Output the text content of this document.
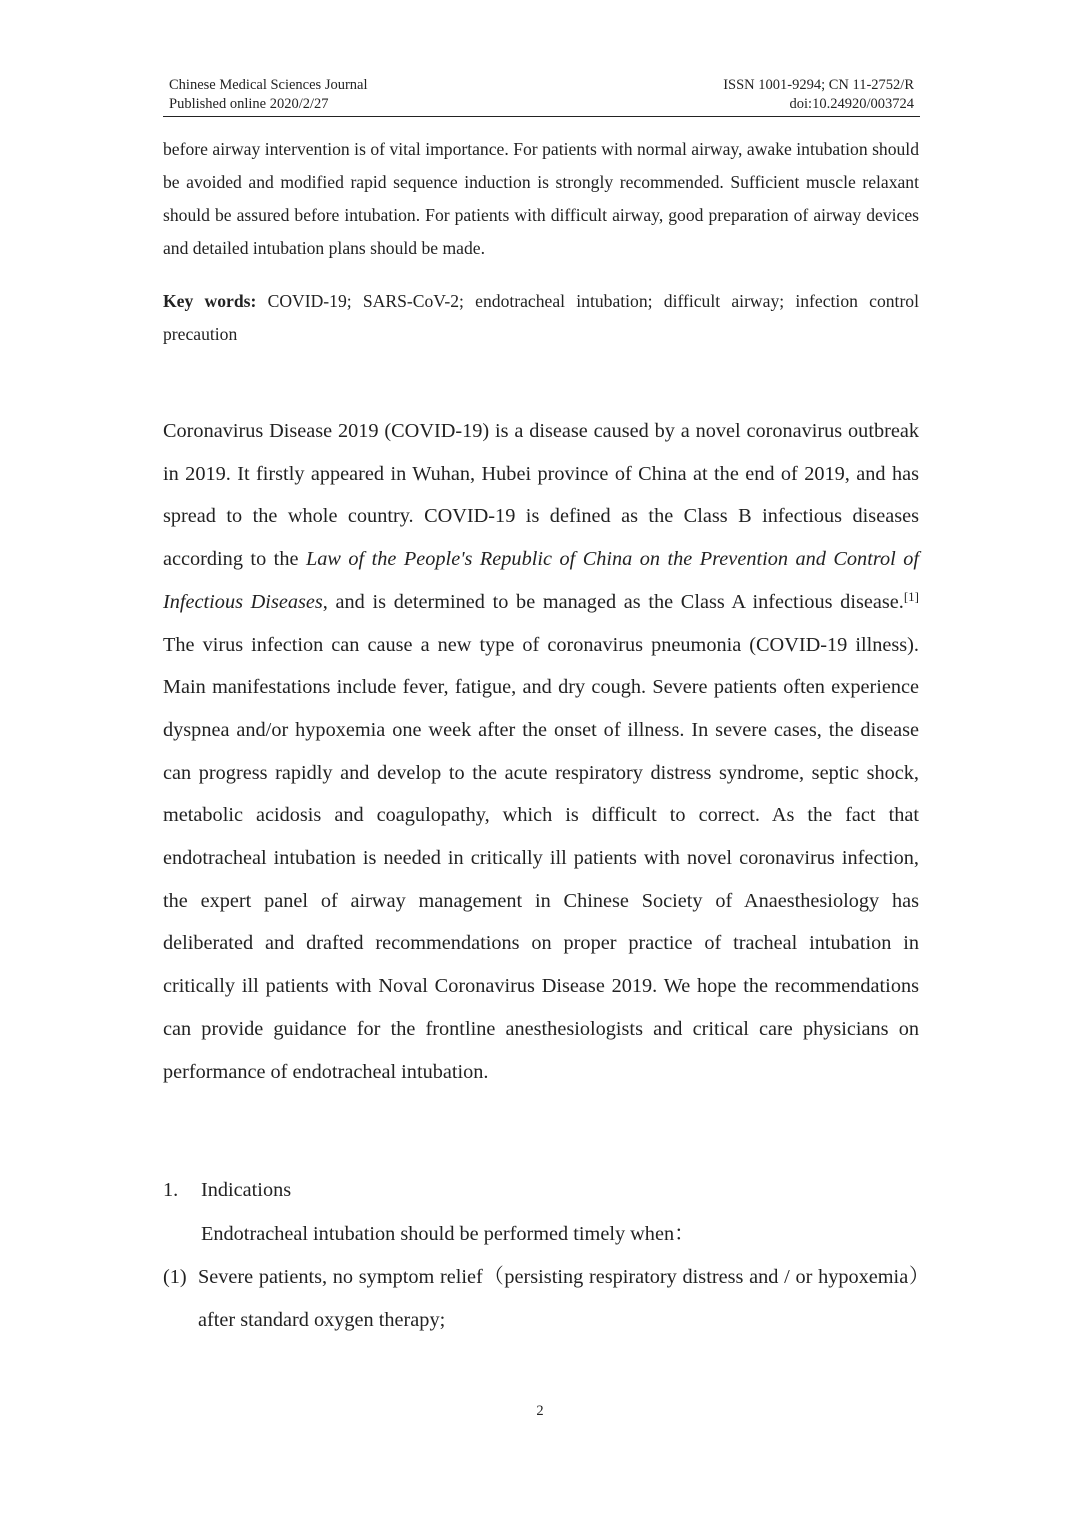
Chinese Medical Sciences Journal
Published online 2020/2/27
ISSN 1001-9294; CN 11-2752/R
doi:10.24920/003724

before airway intervention is of vital importance. For patients with normal airway, awake intubation should be avoided and modified rapid sequence induction is strongly recommended. Sufficient muscle relaxant should be assured before intubation. For patients with difficult airway, good preparation of airway devices and detailed intubation plans should be made.

Key words: COVID-19; SARS-CoV-2; endotracheal intubation; difficult airway; infection control precaution

Coronavirus Disease 2019 (COVID-19) is a disease caused by a novel coronavirus outbreak in 2019. It firstly appeared in Wuhan, Hubei province of China at the end of 2019, and has spread to the whole country. COVID-19 is defined as the Class B infectious diseases according to the Law of the People's Republic of China on the Prevention and Control of Infectious Diseases, and is determined to be managed as the Class A infectious disease.[1] The virus infection can cause a new type of coronavirus pneumonia (COVID-19 illness). Main manifestations include fever, fatigue, and dry cough. Severe patients often experience dyspnea and/or hypoxemia one week after the onset of illness. In severe cases, the disease can progress rapidly and develop to the acute respiratory distress syndrome, septic shock, metabolic acidosis and coagulopathy, which is difficult to correct. As the fact that endotracheal intubation is needed in critically ill patients with novel coronavirus infection, the expert panel of airway management in Chinese Society of Anaesthesiology has deliberated and drafted recommendations on proper practice of tracheal intubation in critically ill patients with Noval Coronavirus Disease 2019. We hope the recommendations can provide guidance for the frontline anesthesiologists and critical care physicians on performance of endotracheal intubation.

1. Indications
Endotracheal intubation should be performed timely when：

(1) Severe patients, no symptom relief（persisting respiratory distress and / or hypoxemia）after standard oxygen therapy;

2
